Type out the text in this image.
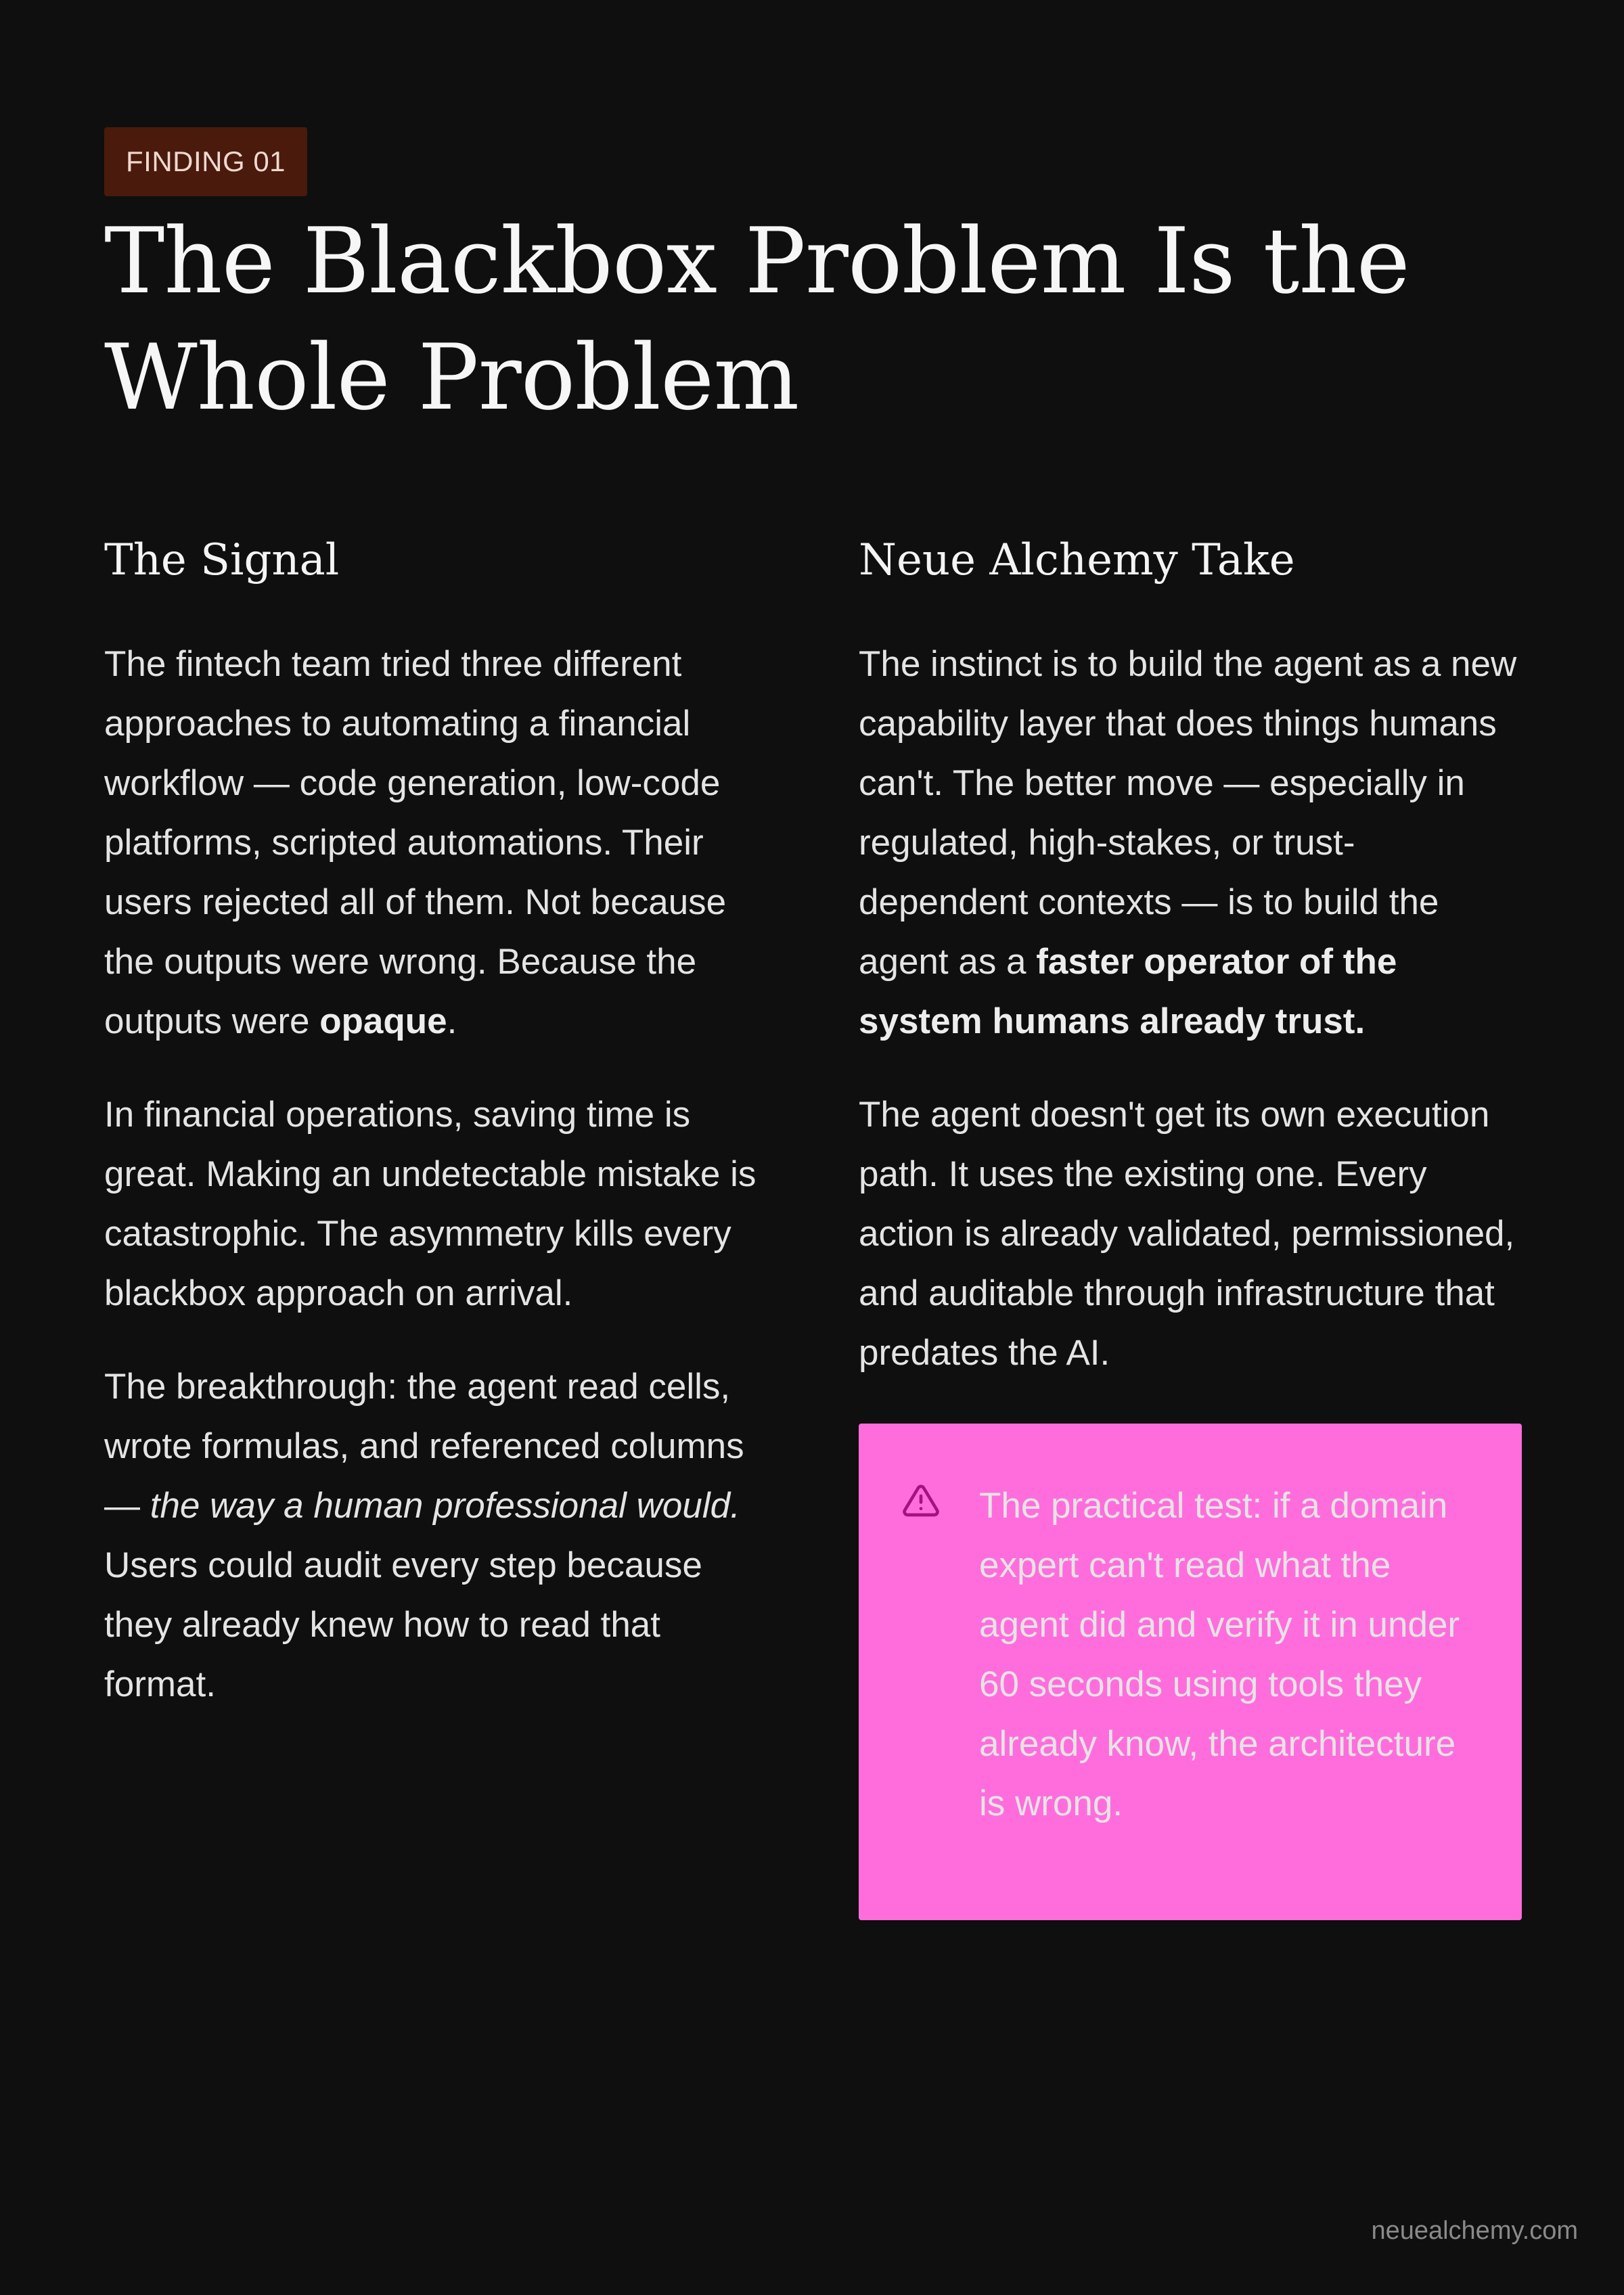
FINDING 01
The Blackbox Problem Is the Whole Problem
The Signal

The fintech team tried three different approaches to automating a financial workflow — code generation, low-code platforms, scripted automations. Their users rejected all of them. Not because the outputs were wrong. Because the outputs were opaque.

In financial operations, saving time is great. Making an undetectable mistake is catastrophic. The asymmetry kills every blackbox approach on arrival.

The breakthrough: the agent read cells, wrote formulas, and referenced columns — the way a human professional would. Users could audit every step because they already knew how to read that format.

Neue Alchemy Take

The instinct is to build the agent as a new capability layer that does things humans can't. The better move — especially in regulated, high-stakes, or trust-dependent contexts — is to build the agent as a faster operator of the system humans already trust.

The agent doesn't get its own execution path. It uses the existing one. Every action is already validated, permissioned, and auditable through infrastructure that predates the AI.

The practical test: if a domain expert can't read what the agent did and verify it in under 60 seconds using tools they already know, the architecture is wrong.

neuealchemy.com
